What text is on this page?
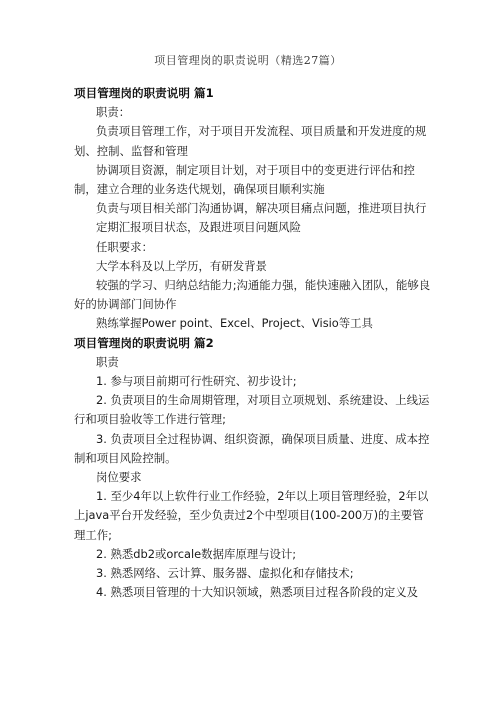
项目管理岗的职责说明（精选27篇）
项目管理岗的职责说明 篇1

职责：

负责项目管理工作，对于项目开发流程、项目质量和开发进度的规划、控制、监督和管理

协调项目资源，制定项目计划，对于项目中的变更进行评估和控制，建立合理的业务迭代规划，确保项目顺利实施

负责与项目相关部门沟通协调，解决项目痛点问题，推进项目执行

定期汇报项目状态，及跟进项目问题风险

任职要求：

大学本科及以上学历，有研发背景

较强的学习、归纳总结能力;沟通能力强，能快速融入团队，能够良好的协调部门间协作

熟练掌握Power point、Excel、Project、Visio等工具

项目管理岗的职责说明 篇2

职责

1. 参与项目前期可行性研究、初步设计;

2. 负责项目的生命周期管理，对项目立项规划、系统建设、上线运行和项目验收等工作进行管理;

3. 负责项目全过程协调、组织资源，确保项目质量、进度、成本控制和项目风险控制。

岗位要求

1. 至少4年以上软件行业工作经验，2年以上项目管理经验，2年以上java平台开发经验，至少负责过2个中型项目(100-200万)的主要管理工作;

2. 熟悉db2或orcale数据库原理与设计;

3. 熟悉网络、云计算、服务器、虚拟化和存储技术;

4. 熟悉项目管理的十大知识领域，熟悉项目过程各阶段的定义及
